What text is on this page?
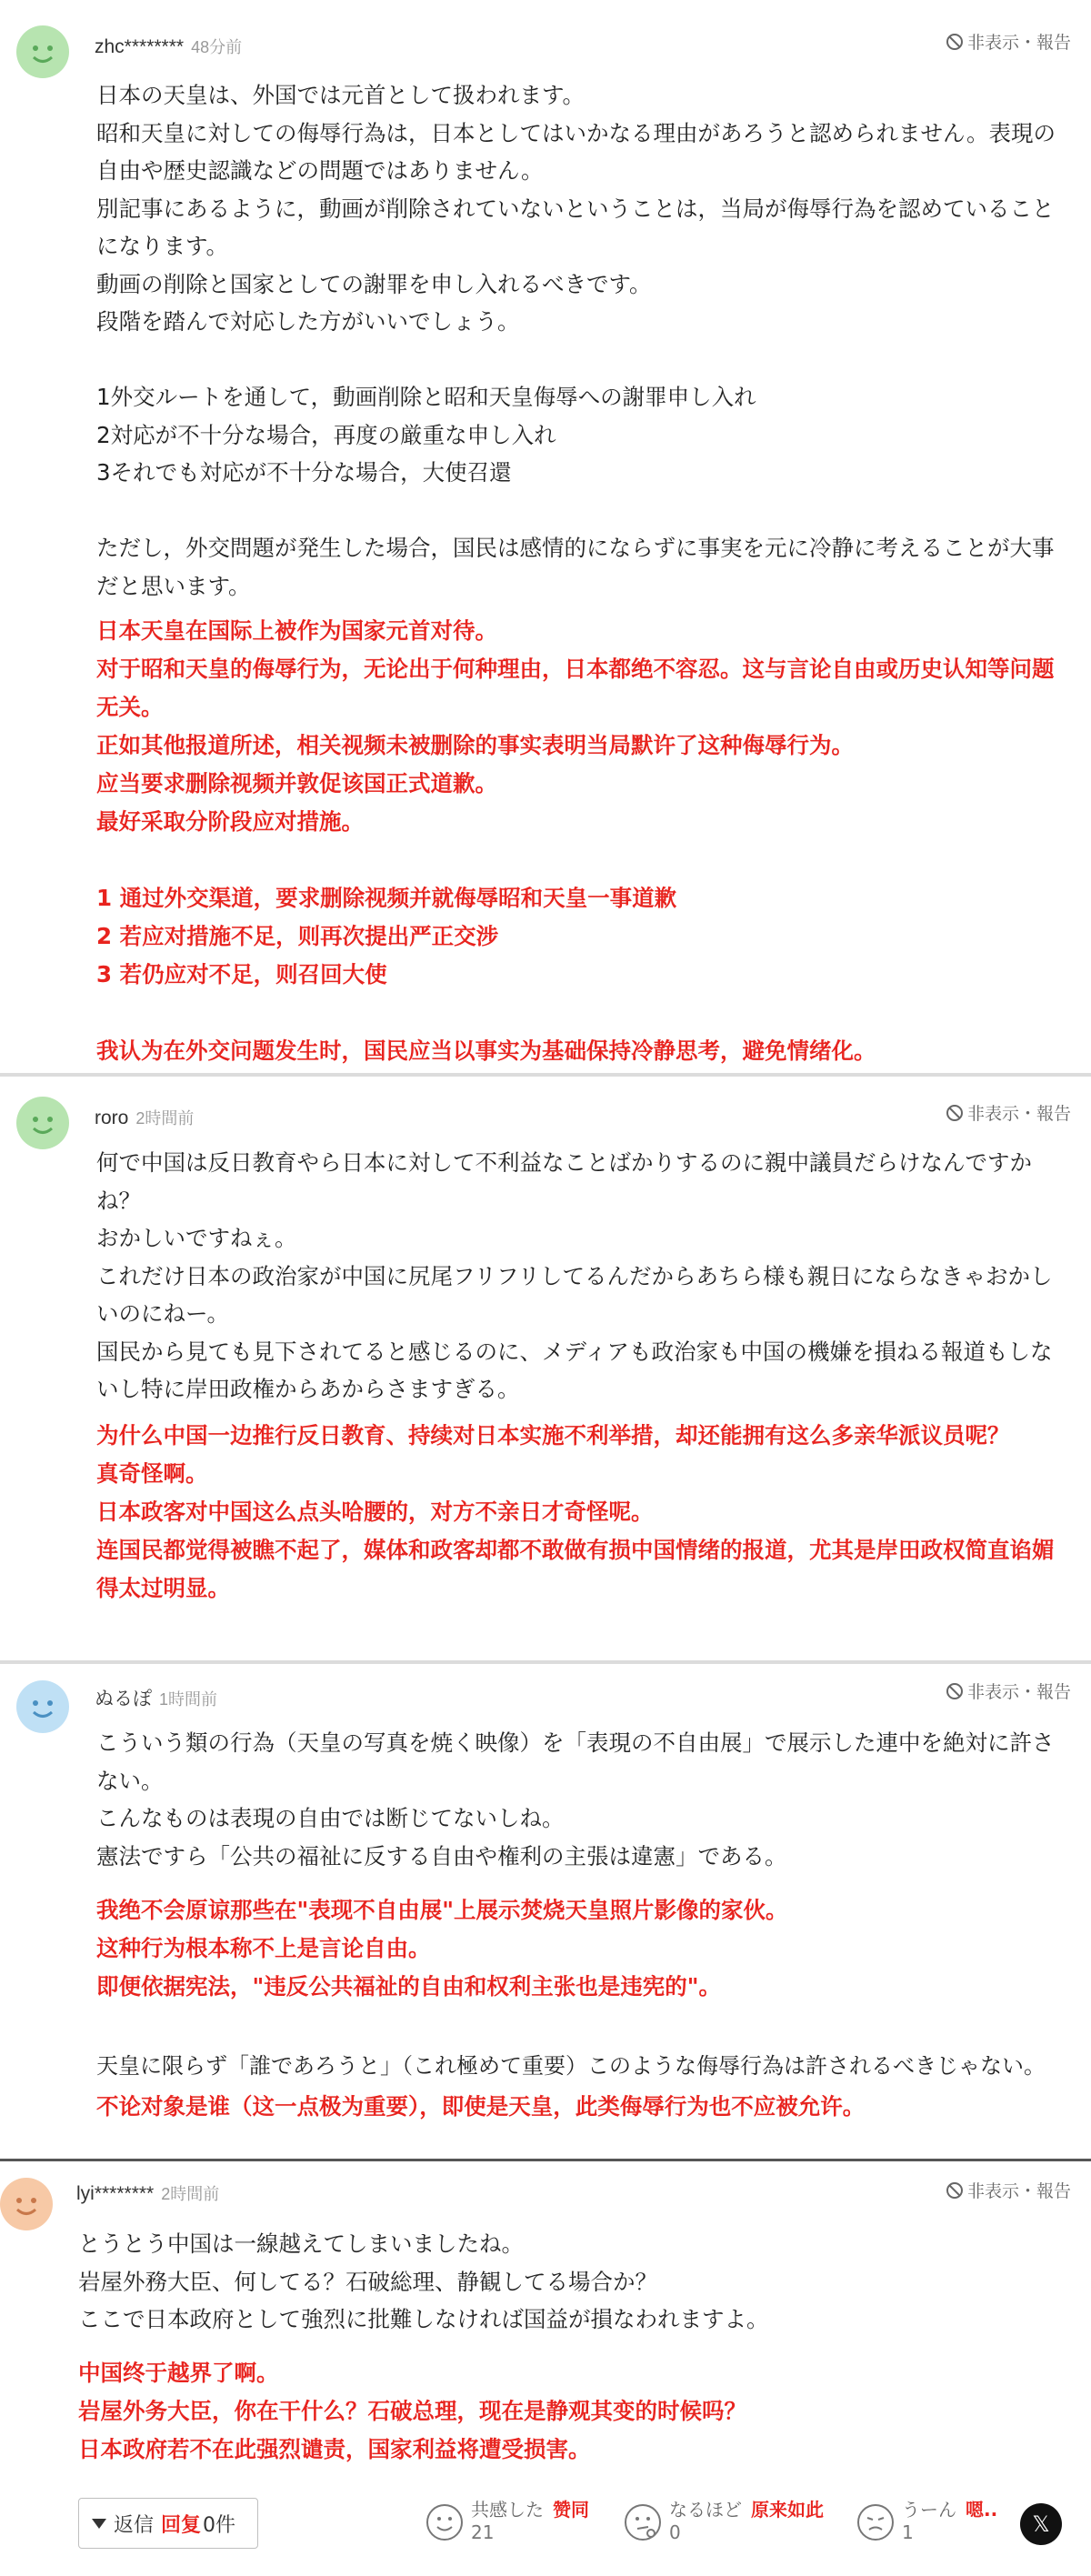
zhc******** 48分前	非表示・報告
日本の天皇は、外国では元首として扱われます。
昭和天皇に対しての侮辱行為は，日本としてはいかなる理由があろうと認められません。表現の自由や歴史認識などの問題ではありません。
別記事にあるように，動画が削除されていないということは，当局が侮辱行為を認めていることになります。
動画の削除と国家としての謝罪を申し入れるべきです。
段階を踏んで対応した方がいいでしょう。

1外交ルートを通して，動画削除と昭和天皇侮辱への謝罪申し入れ
2対応が不十分な場合，再度の厳重な申し入れ
3それでも対応が不十分な場合，大使召還

ただし，外交問題が発生した場合，国民は感情的にならずに事実を元に冷静に考えることが大事だと思います。
日本天皇在国际上被作为国家元首对待。
对于昭和天皇的侮辱行为，无论出于何种理由，日本都绝不容忍。这与言论自由或历史认知等问题无关。
正如其他报道所述，相关视频未被删除的事实表明当局默许了这种侮辱行为。
应当要求删除视频并敦促该国正式道歉。
最好采取分阶段应对措施。

1 通过外交渠道，要求删除视频并就侮辱昭和天皇一事道歉
2 若应对措施不足，则再次提出严正交涉
3 若仍应对不足，则召回大使

我认为在外交问题发生时，国民应当以事实为基础保持冷静思考，避免情绪化。
roro 2時間前	非表示・報告
何で中国は反日教育やら日本に対して不利益なことばかりするのに親中議員だらけなんですかね？
おかしいですねぇ。
これだけ日本の政治家が中国に尻尾フリフリしてるんだからあちら様も親日にならなきゃおかしいのにねー。
国民から見ても見下されてると感じるのに、メディアも政治家も中国の機嫌を損ねる報道もしないし特に岸田政権からあからさますぎる。
为什么中国一边推行反日教育、持续对日本实施不利举措，却还能拥有这么多亲华派议员呢？
真奇怪啊。
日本政客对中国这么点头哈腰的，对方不亲日才奇怪呢。
连国民都觉得被瞧不起了，媒体和政客却都不敢做有损中国情绪的报道，尤其是岸田政权简直谄媚得太过明显。
ぬるぽ 1時間前	非表示・報告
こういう類の行為（天皇の写真を焼く映像）を「表現の不自由展」で展示した連中を絶対に許さない。
こんなものは表現の自由では断じてないしね。
憲法ですら「公共の福祉に反する自由や権利の主張は違憲」である。
我绝不会原谅那些在"表现不自由展"上展示焚烧天皇照片影像的家伙。
这种行为根本称不上是言论自由。
即便依据宪法，"违反公共福祉的自由和权利主张也是违宪的"。
天皇に限らず「誰であろうと」（これ極めて重要）このような侮辱行為は許されるべきじゃない。
不论对象是谁（这一点极为重要），即使是天皇，此类侮辱行为也不应被允许。
lyi******** 2時間前	非表示・報告
とうとう中国は一線越えてしまいましたね。
岩屋外務大臣、何してる？石破総理、静観してる場合か？
ここで日本政府として強烈に批難しなければ国益が損なわれますよ。
中国终于越界了啊。
岩屋外务大臣，你在干什么？石破总理，现在是静观其变的时候吗？
日本政府若不在此强烈谴责，国家利益将遭受损害。
返信 回复 0件
共感した 赞同
21
なるほど 原来如此
0
うーん 嗯..
1	𝕏
